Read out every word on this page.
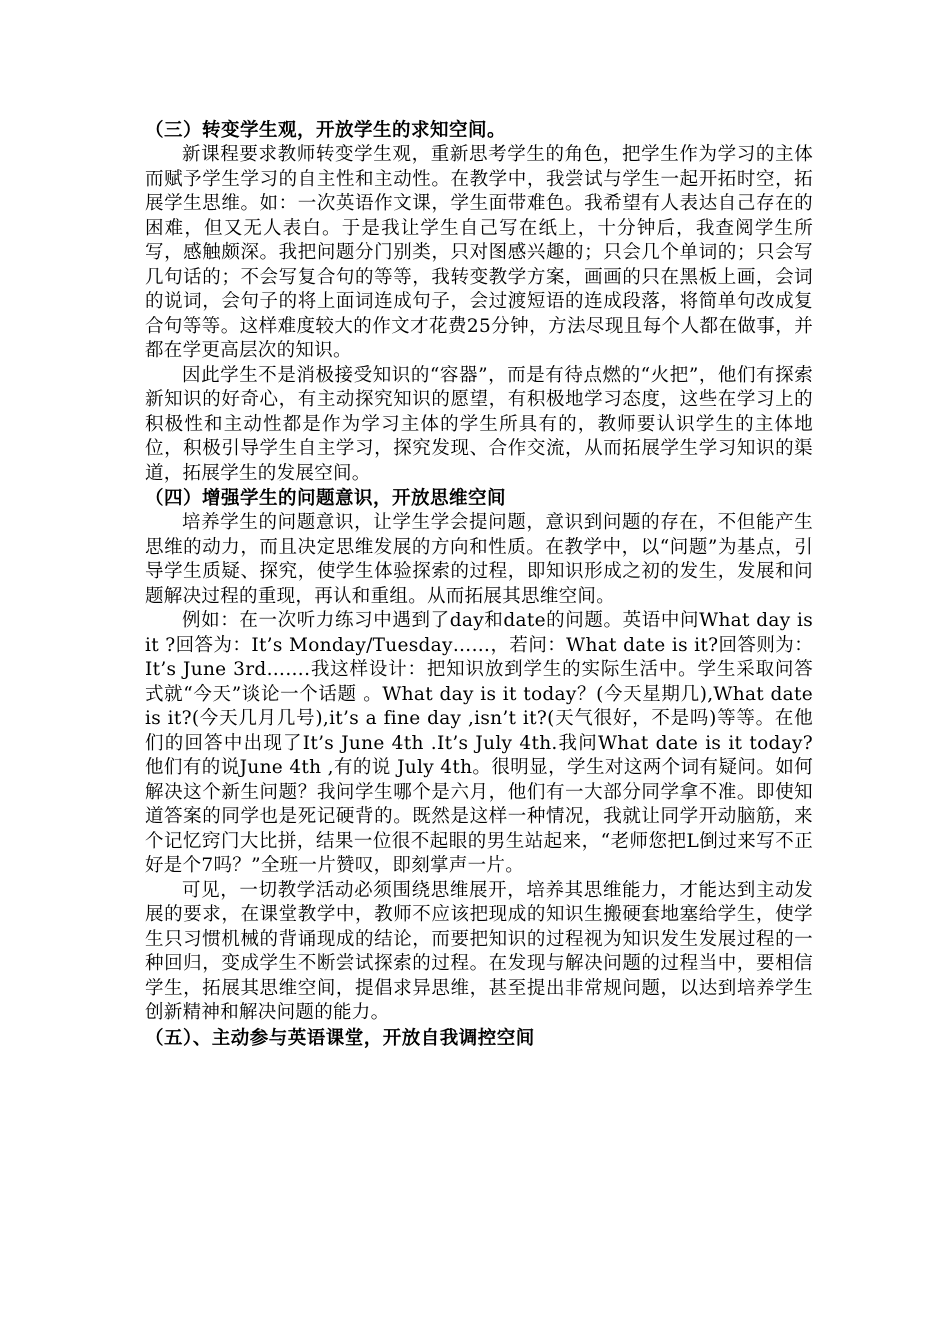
（三）转变学生观，开放学生的求知空间。

新课程要求教师转变学生观，重新思考学生的角色，把学生作为学习的主体而赋予学生学习的自主性和主动性。在教学中，我尝试与学生一起开拓时空，拓展学生思维。如：一次英语作文课，学生面带难色。我希望有人表达自己存在的困难，但又无人表白。于是我让学生自己写在纸上，十分钟后，我查阅学生所写，感触颇深。我把问题分门别类，只对图感兴趣的；只会几个单词的；只会写几句话的；不会写复合句的等等，我转变教学方案，画画的只在黑板上画，会词的说词，会句子的将上面词连成句子，会过渡短语的连成段落，将简单句改成复合句等等。这样难度较大的作文才花费25分钟，方法尽现且每个人都在做事，并都在学更高层次的知识。

因此学生不是消极接受知识的“容器”，而是有待点燃的“火把”，他们有探索新知识的好奇心，有主动探究知识的愿望，有积极地学习态度，这些在学习上的积极性和主动性都是作为学习主体的学生所具有的，教师要认识学生的主体地位，积极引导学生自主学习，探究发现、合作交流，从而拓展学生学习知识的渠道，拓展学生的发展空间。

（四）增强学生的问题意识，开放思维空间

培养学生的问题意识，让学生学会提问题，意识到问题的存在，不但能产生思维的动力，而且决定思维发展的方向和性质。在教学中，以“问题”为基点，引导学生质疑、探究，使学生体验探索的过程，即知识形成之初的发生，发展和问题解决过程的重现，再认和重组。从而拓展其思维空间。

例如：在一次听力练习中遇到了day和date的问题。英语中问What day is it ?回答为：It’s Monday/Tuesday……，若问：What date is it?回答则为：It’s June 3rd…….我这样设计：把知识放到学生的实际生活中。学生采取问答式就“今天”谈论一个话题 。What day is it today？(今天星期几),What date is it?(今天几月几号),it’s a fine day ,isn’t it?(天气很好，不是吗)等等。在他们的回答中出现了It’s June 4th .It’s July 4th.我问What date is it today?他们有的说June 4th ,有的说 July 4th。很明显，学生对这两个词有疑问。如何解决这个新生问题？我问学生哪个是六月，他们有一大部分同学拿不准。即使知道答案的同学也是死记硬背的。既然是这样一种情况，我就让同学开动脑筋，来个记忆窍门大比拼，结果一位很不起眼的男生站起来，“老师您把L倒过来写不正好是个7吗？”全班一片赞叹，即刻掌声一片。

可见，一切教学活动必须围绕思维展开，培养其思维能力，才能达到主动发展的要求，在课堂教学中，教师不应该把现成的知识生搬硬套地塞给学生，使学生只习惯机械的背诵现成的结论，而要把知识的过程视为知识发生发展过程的一种回归，变成学生不断尝试探索的过程。在发现与解决问题的过程当中，要相信学生，拓展其思维空间，提倡求异思维，甚至提出非常规问题，以达到培养学生创新精神和解决问题的能力。

（五）、主动参与英语课堂，开放自我调控空间
